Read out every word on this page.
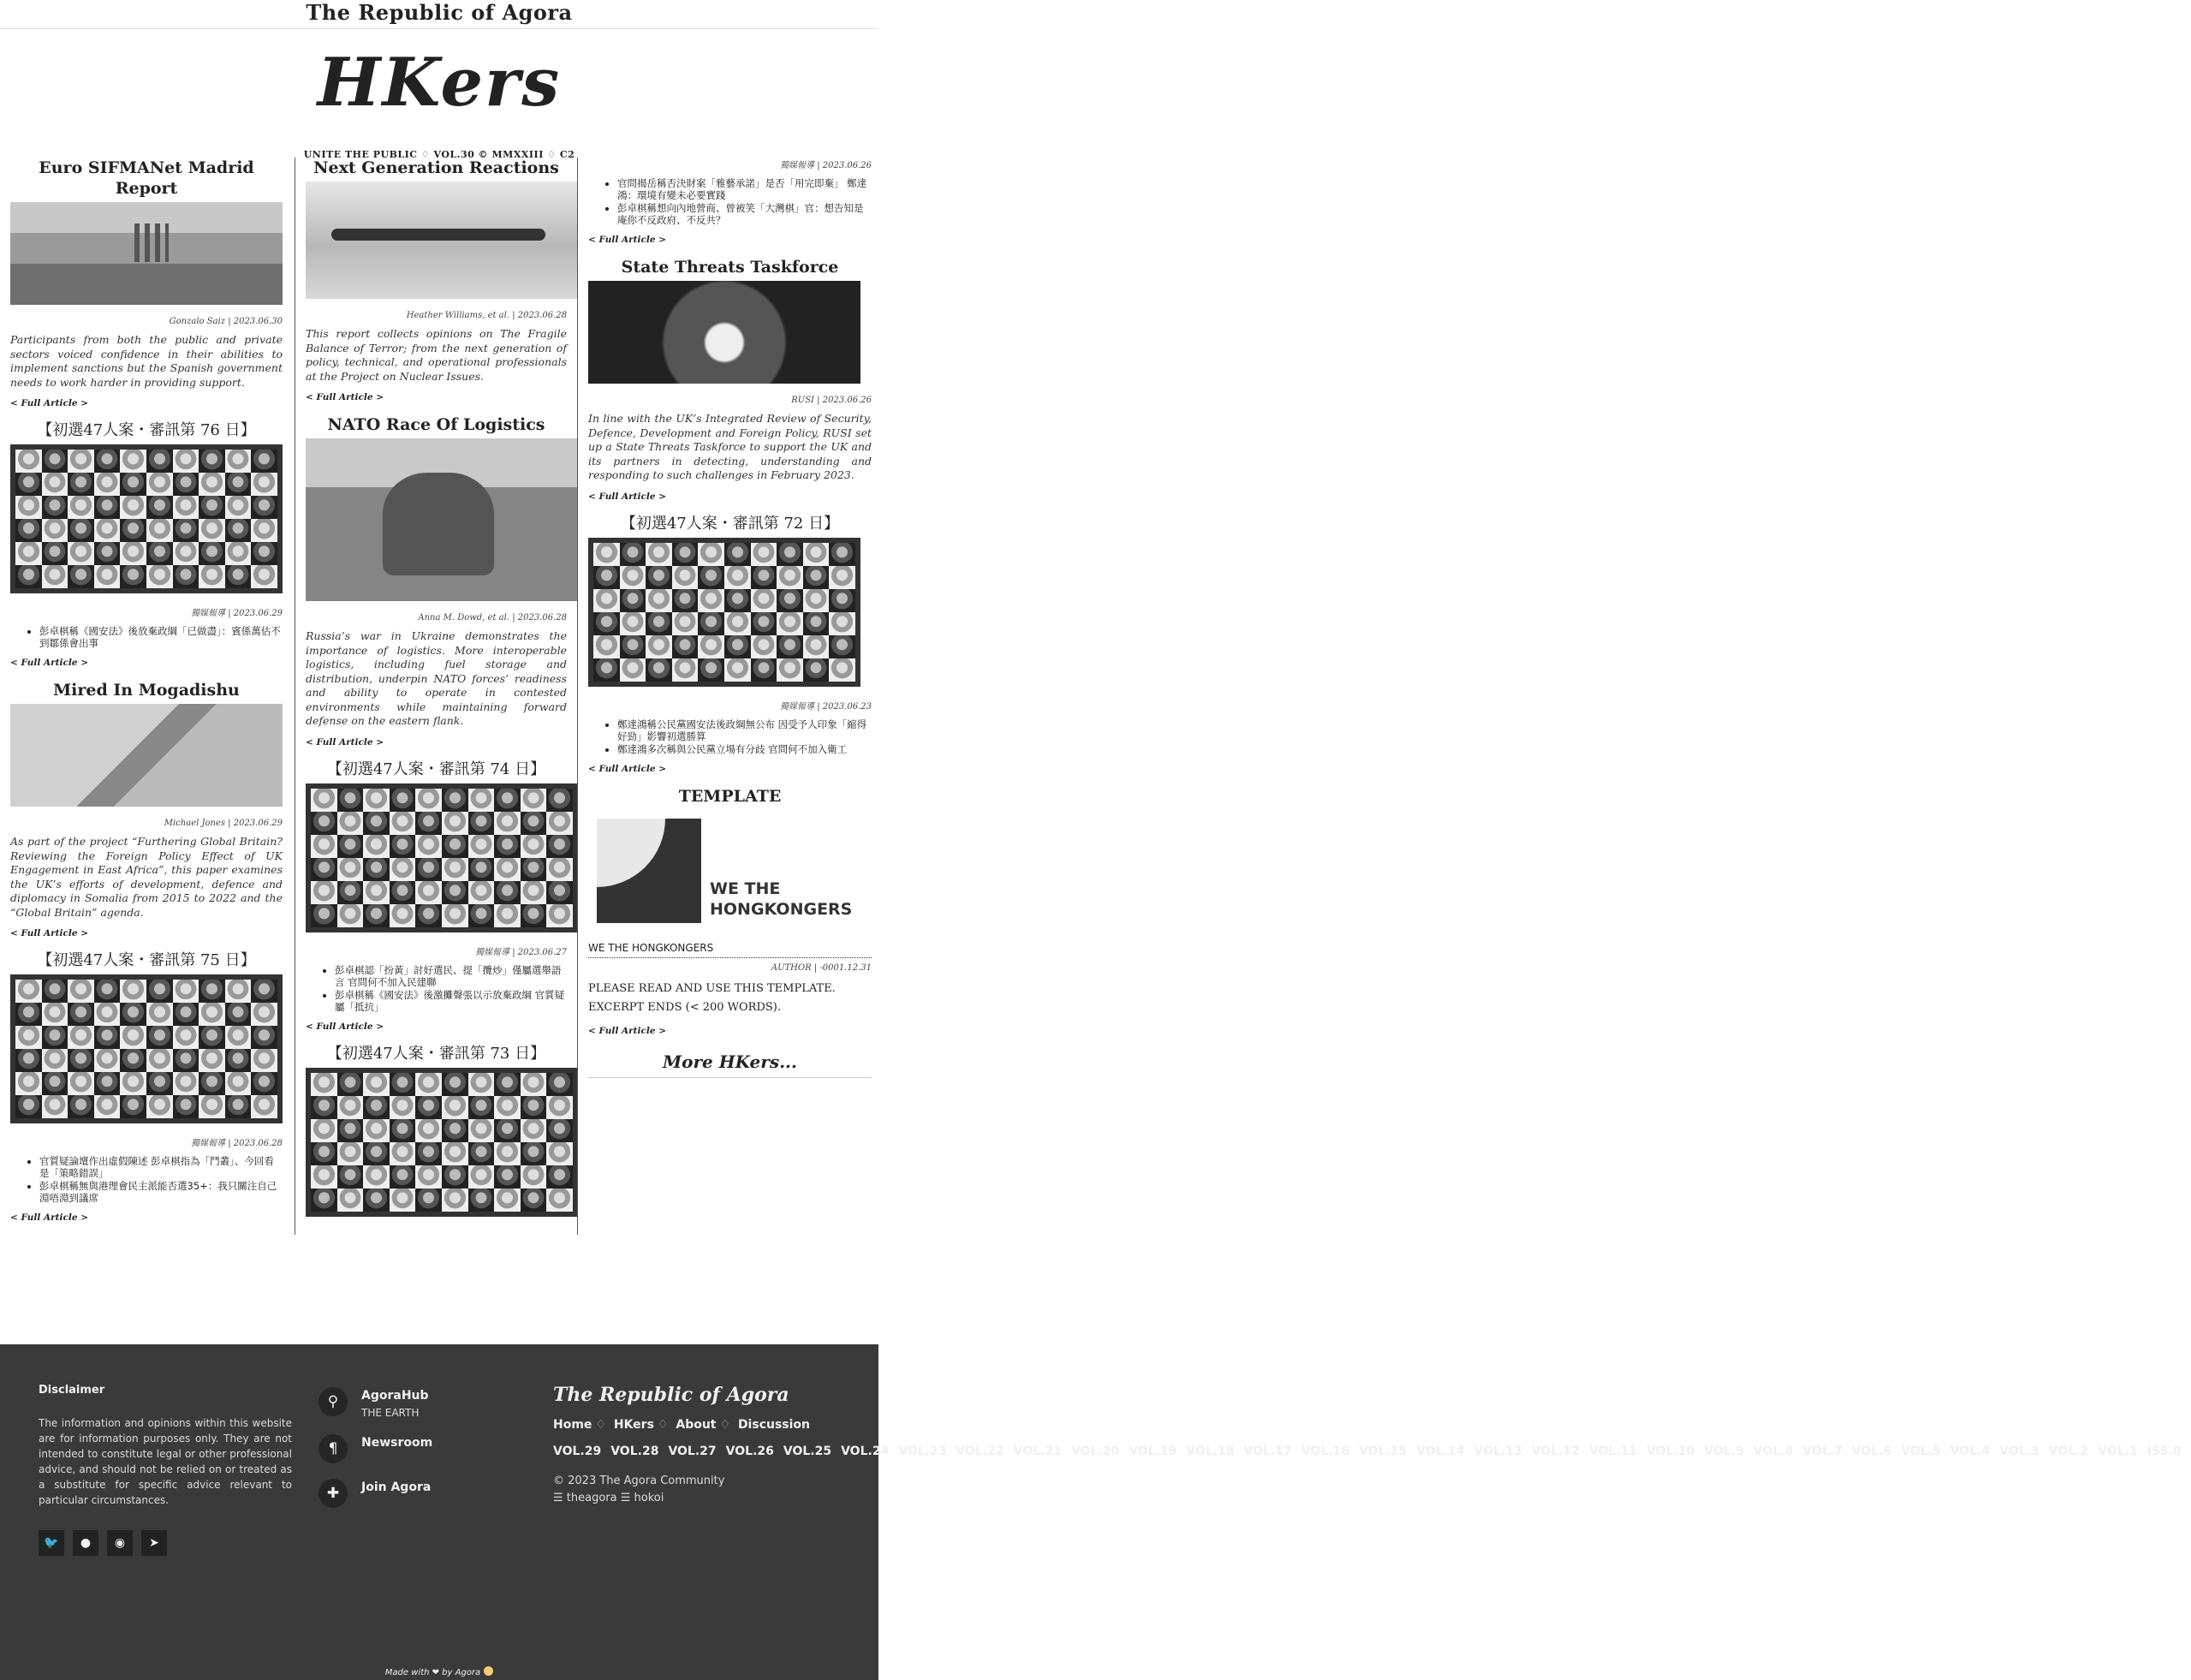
The Republic of Agora
HKers
UNITE THE PUBLIC ♢ VOL.30 © MMXXIII ♢ C2
Euro SIFMANet Madrid Report
Gonzalo Saiz | 2023.06.30

Participants from both the public and private sectors voiced confidence in their abilities to implement sanctions but the Spanish government needs to work harder in providing support.

< Full Article >
【初選47人案・審訊第 76 日】
獨媒報導 | 2023.06.29
• 彭卓棋稱《國安法》後放棄政綱「已做盡」：賓係萬估不到鄒係會出事
< Full Article >
Mired In Mogadishu
Michael Jones | 2023.06.29

As part of the project “Furthering Global Britain? Reviewing the Foreign Policy Effect of UK Engagement in East Africa”, this paper examines the UK’s efforts of development, defence and diplomacy in Somalia from 2015 to 2022 and the “Global Britain” agenda.

< Full Article >
【初選47人案・審訊第 75 日】
獨媒報導 | 2023.06.28
• 官質疑論壇作出虛假陳述 彭卓棋指為「鬥叢」、今回看是「策略錯誤」
• 彭卓棋稱無與港理會民主派能否選35+：我只關注自己淵唔淵到議席
< Full Article >
Next Generation Reactions
Heather Williams, et al. | 2023.06.28

This report collects opinions on The Fragile Balance of Terror; from the next generation of policy, technical, and operational professionals at the Project on Nuclear Issues.

< Full Article >
NATO Race Of Logistics
Anna M. Dowd, et al. | 2023.06.28

Russia’s war in Ukraine demonstrates the importance of logistics. More interoperable logistics, including fuel storage and distribution, underpin NATO forces’ readiness and ability to operate in contested environments while maintaining forward defense on the eastern flank.

< Full Article >
【初選47人案・審訊第 74 日】
獨媒報導 | 2023.06.27
• 彭卓棋認「扮黃」討好選民、提「攬炒」僅屬選舉語言 官問何不加入民建聯
• 彭卓棋稱《國安法》後激攤聲張以示放棄政綱 官質疑屬「抵抗」
< Full Article >
【初選47人案・審訊第 73 日】
獨媒報導 | 2023.06.26
• 官問揭岳稱否決財案「雅藝承諾」是否「用完即棄」 鄭達鴻：環境有變未必要實踐
• 彭卓棋稱想向內地營商、曾被笑「大灣棋」官：想告知是庵你不反政府、不反共？
< Full Article >
State Threats Taskforce
RUSI | 2023.06.26

In line with the UK’s Integrated Review of Security, Defence, Development and Foreign Policy, RUSI set up a State Threats Taskforce to support the UK and its partners in detecting, understanding and responding to such challenges in February 2023.

< Full Article >
【初選47人案・審訊第 72 日】
獨媒報導 | 2023.06.23
• 鄭達鴻稱公民黨國安法後政綱無公布 因受予人印象「縮得好勁」影響初選勝算
• 鄭達鴻多次稱與公民黨立場有分歧 官問何不加入衛工
< Full Article >
TEMPLATE
WE THE
HONGKONGERS
WE THE HONGKONGERS
AUTHOR | -0001.12.31
PLEASE READ AND USE THIS TEMPLATE.
EXCERPT ENDS (< 200 WORDS).
< Full Article >
More HKers...
Disclaimer

The information and opinions within this website are for information purposes only. They are not intended to constitute legal or other professional advice, and should not be relied on or treated as a substitute for specific advice relevant to particular circumstances.

🐦	●	◉	➤
⚲	AgoraHub
THE EARTH
¶	Newsroom
✚	Join Agora
The Republic of Agora
Home ♢ HKers ♢ About ♢ Discussion
VOL.29 VOL.28 VOL.27 VOL.26 VOL.25 VOL.24 VOL.23 VOL.22 VOL.21 VOL.20 VOL.19 VOL.18 VOL.17 VOL.16 VOL.15 VOL.14 VOL.13 VOL.12 VOL.11 VOL.10 VOL.9 VOL.8 VOL.7 VOL.6 VOL.5 VOL.4 VOL.3 VOL.2 VOL.1 ISS.0
© 2023 The Agora Community
☰ theagora ☰ hokoi
Made with ❤ by Agora
